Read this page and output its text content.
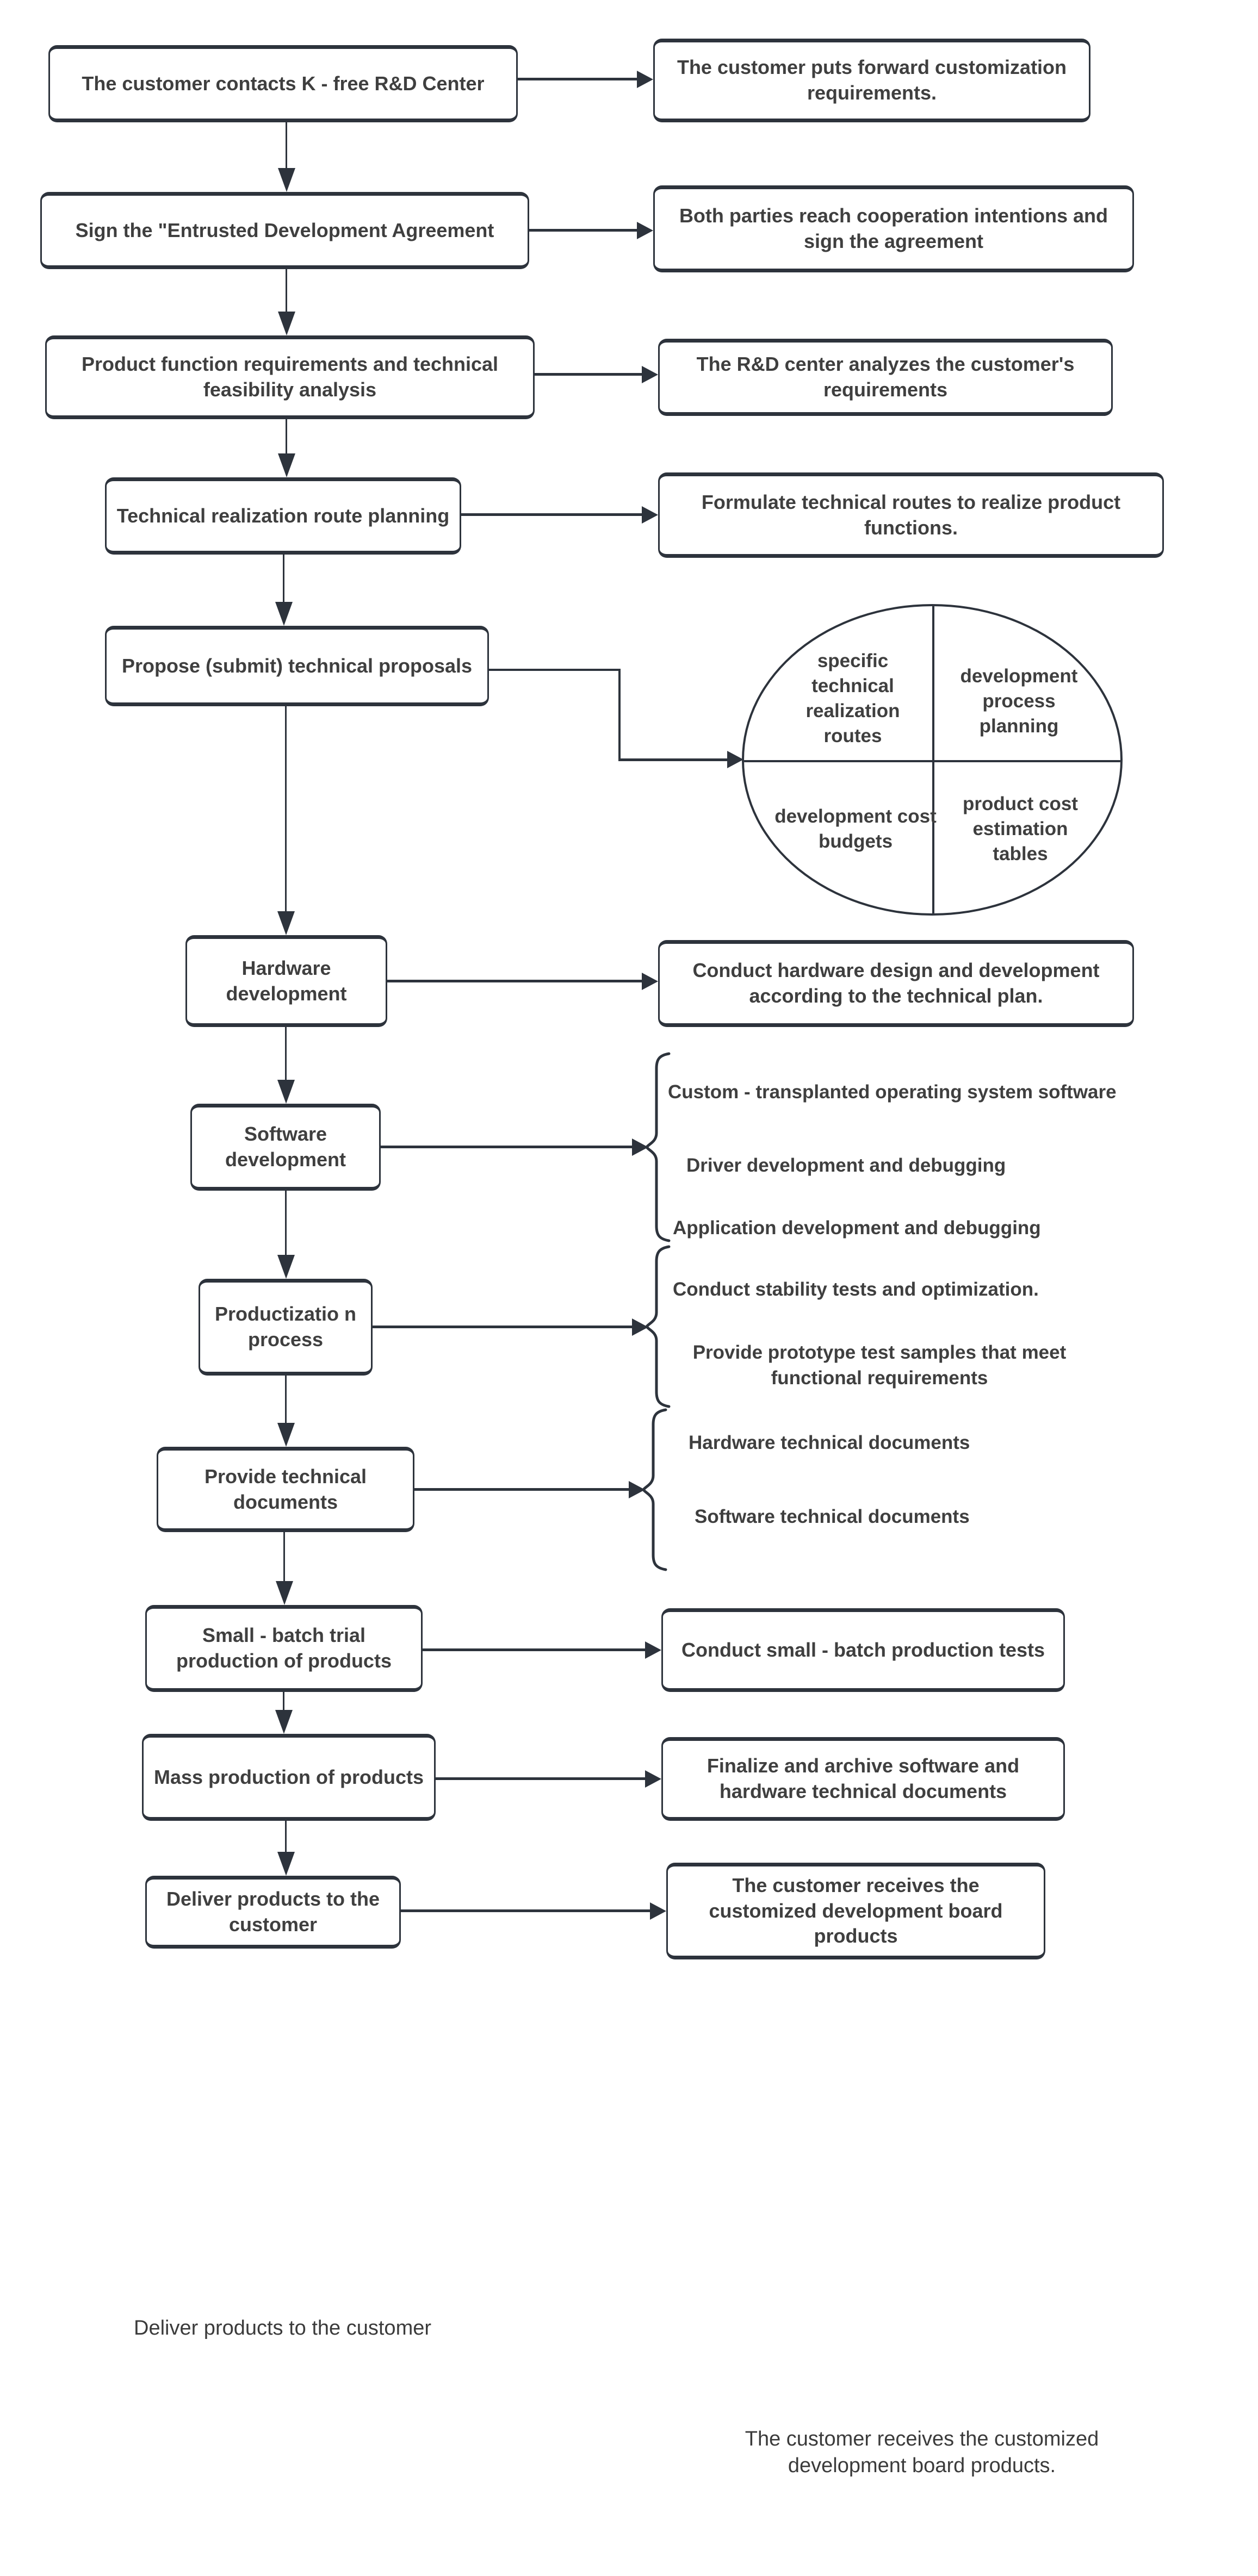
The customer contacts K - free R&D Center
The customer puts forward customization requirements.
Sign the "Entrusted Development Agreement
Both parties reach cooperation intentions and sign the agreement
Product function requirements and technical feasibility analysis
The R&D center analyzes the customer's requirements
Technical realization route planning
Formulate technical routes to realize product functions.
Propose (submit) technical proposals	specific technical realization routes
development process planning
development cost budgets
product cost estimation tables
Hardware development
Conduct hardware design and development according to the technical plan.
Software development
Custom - transplanted operating system software
Driver development and debugging
Application development and debugging
Productizatio n process
Conduct stability tests and optimization.
Provide prototype test samples that meet functional requirements
Provide technical documents
Hardware technical documents
Software technical documents
Small - batch trial production of products	Conduct small - batch production tests
Mass production of products	Finalize and archive software and hardware technical documents
Deliver products to the customer
The customer receives the customized development board products
Deliver products to the customer
The customer receives the customized development board products.
